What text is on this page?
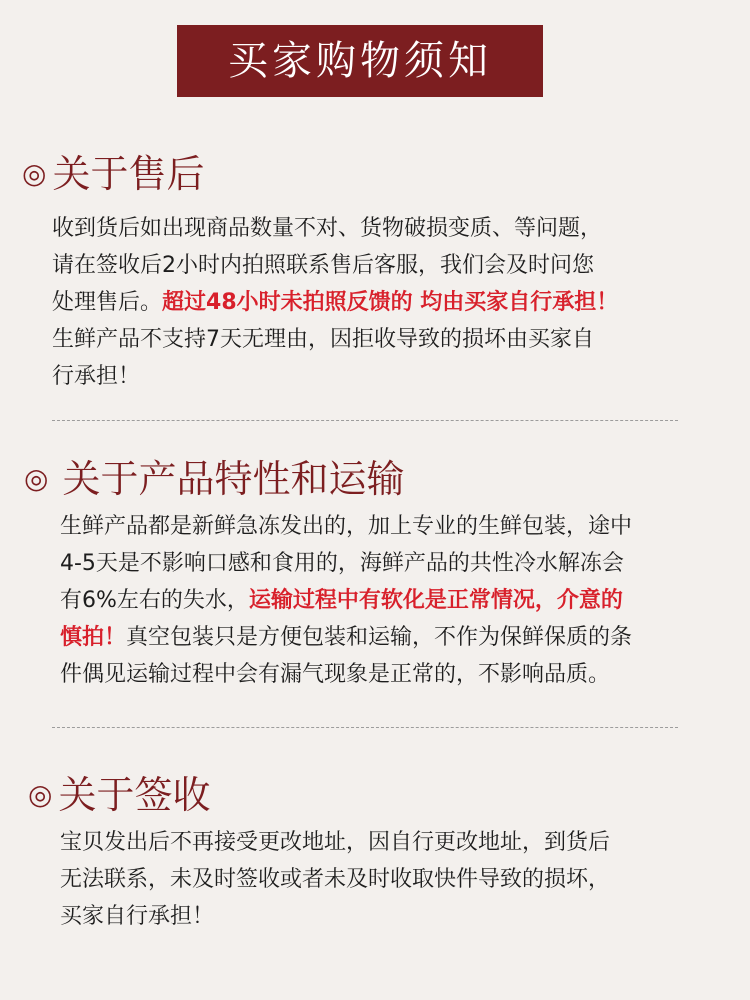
买家购物须知
◎ 关于售后

收到货后如出现商品数量不对、货物破损变质、等问题，
请在签收后2小时内拍照联系售后客服，我们会及时问您
处理售后。超过48小时未拍照反馈的 均由买家自行承担！
生鲜产品不支持7天无理由，因拒收导致的损坏由买家自
行承担！

◎ 关于产品特性和运输

生鲜产品都是新鲜急冻发出的，加上专业的生鲜包装，途中
4-5天是不影响口感和食用的，海鲜产品的共性冷水解冻会
有6%左右的失水，运输过程中有软化是正常情况，介意的
慎拍！真空包装只是方便包装和运输，不作为保鲜保质的条
件偶见运输过程中会有漏气现象是正常的，不影响品质。

◎ 关于签收

宝贝发出后不再接受更改地址，因自行更改地址，到货后
无法联系，未及时签收或者未及时收取快件导致的损坏，
买家自行承担！
